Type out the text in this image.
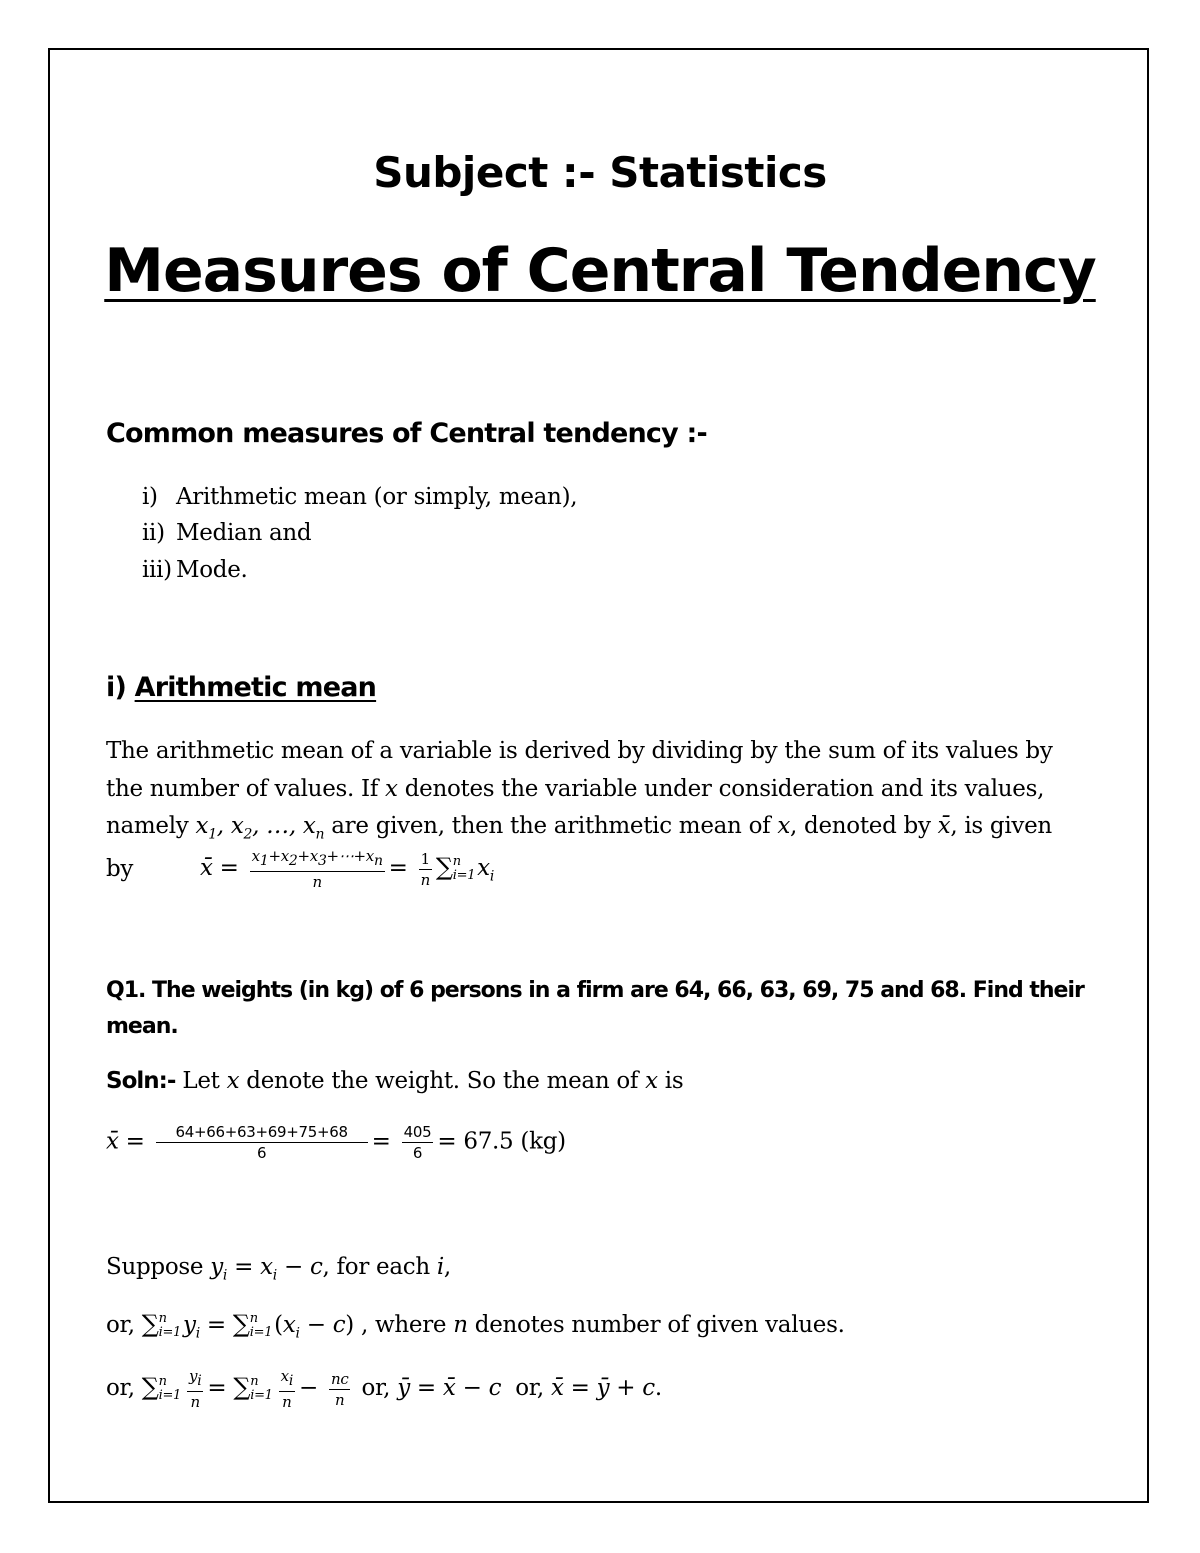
Subject :- Statistics
Measures of Central Tendency
Common measures of Central tendency :-
i) Arithmetic mean (or simply, mean),
ii) Median and
iii) Mode.
i) Arithmetic mean
The arithmetic mean of a variable is derived by dividing by the sum of its values by
the number of values. If x denotes the variable under consideration and its values,
namely $x_1$, $x_2$, …, $x_n$ are given, then the arithmetic mean of x, denoted by x̄, is given
by	x̄ = $\frac{x_1+x_2+x_3+\cdots+x_n}{n} = \frac{1}{n}$ ∑ n
i=1 $x_i$
Q1. The weights (in kg) of 6 persons in a firm are 64, 66, 63, 69, 75 and 68. Find their
mean.
Soln:- Let x denote the weight. So the mean of x is
x̄ = $\frac{64+66+63+69+75+68}{6} = \frac{405}{6} = 67.5$ (kg)
Suppose $y_i = x_i - c$, for each i,
or, ∑ n
i=1 $y_i$ = ∑ n
i=1 $(x_i - c)$ , where n denotes number of given values.
or, ∑ n
$i=1 \frac{y_i}{n}$ = ∑ n
$i=1 \frac{x_i}{n} - \frac{nc}{n}$ or, ȳ = x̄ − c or, x̄ = ȳ + c.
